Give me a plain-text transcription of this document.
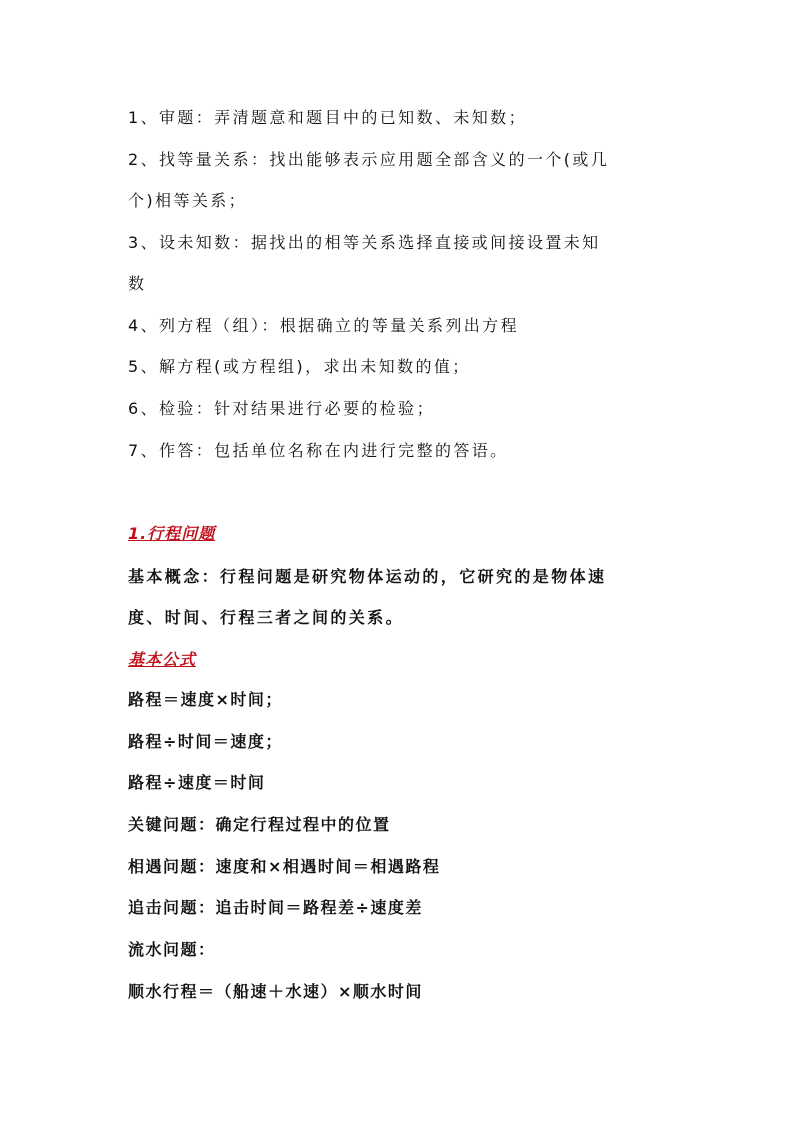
1、审题：弄清题意和题目中的已知数、未知数；
2、找等量关系：找出能够表示应用题全部含义的一个(或几
个)相等关系；
3、设未知数：据找出的相等关系选择直接或间接设置未知
数
4、列方程（组）：根据确立的等量关系列出方程
5、解方程(或方程组)，求出未知数的值；
6、检验：针对结果进行必要的检验；
7、作答：包括单位名称在内进行完整的答语。
1.行程问题
基本概念：行程问题是研究物体运动的，它研究的是物体速
度、时间、行程三者之间的关系。
基本公式
路程＝速度×时间；
路程÷时间＝速度；
路程÷速度＝时间
关键问题：确定行程过程中的位置
相遇问题：速度和×相遇时间＝相遇路程
追击问题：追击时间＝路程差÷速度差
流水问题：
顺水行程＝（船速＋水速）×顺水时间
